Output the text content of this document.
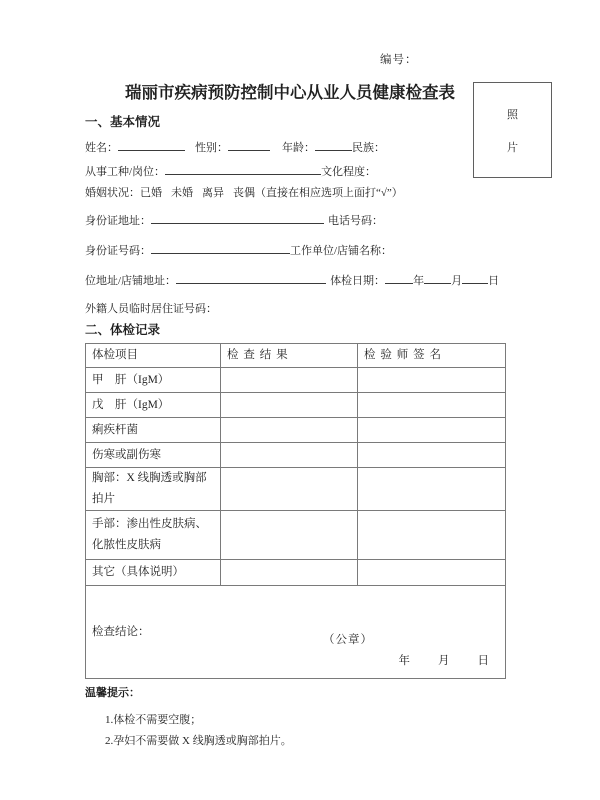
编号：
瑞丽市疾病预防控制中心从业人员健康检查表
照
片
一、基本情况
姓名：	性别：	年龄：	民族：
从事工种/岗位：	文化程度：
婚姻状况：已婚 未婚 离异 丧偶（直接在相应选项上面打“√”）
身份证地址：	电话号码：
身份证号码：	工作单位/店铺名称：
位地址/店铺地址：	体检日期：	年 月 日
外籍人员临时居住证号码：
二、体检记录
体检项目	检 查 结 果	检 验 师 签 名
甲　肝（IgM）		
戊　肝（IgM）		
痢疾杆菌		
伤寒或副伤寒		
胸部：X 线胸透或胸部拍片		
手部：渗出性皮肤病、化脓性皮肤病		
其它（具体说明）		
检查结论：
（公章）
年 月 日		
温馨提示：
1.体检不需要空腹；
2.孕妇不需要做 X 线胸透或胸部拍片。
